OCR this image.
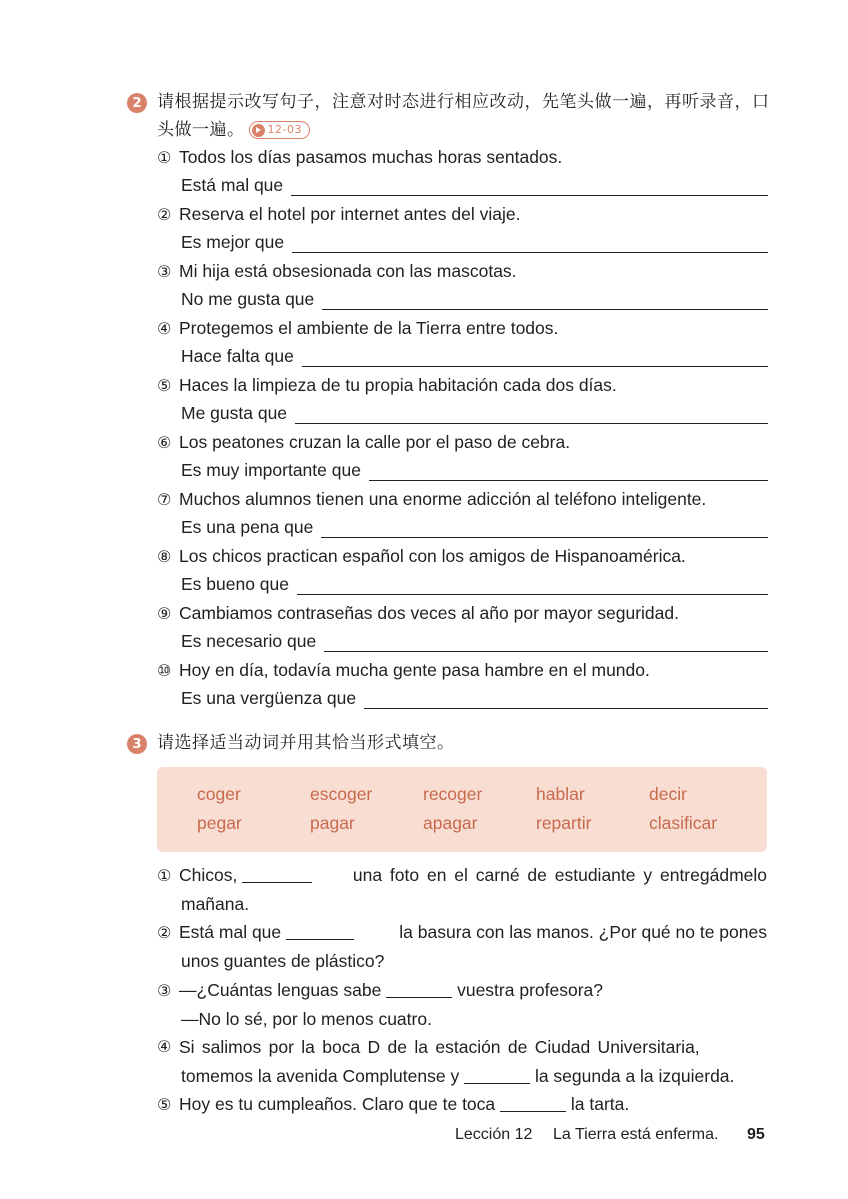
2 请根据提示改写句子，注意对时态进行相应改动，先笔头做一遍，再听录音，口
头做一遍。 12-03
① Todos los días pasamos muchas horas sentados.
Está mal que
② Reserva el hotel por internet antes del viaje.
Es mejor que
③ Mi hija está obsesionada con las mascotas.
No me gusta que
④ Protegemos el ambiente de la Tierra entre todos.
Hace falta que
⑤ Haces la limpieza de tu propia habitación cada dos días.
Me gusta que
⑥ Los peatones cruzan la calle por el paso de cebra.
Es muy importante que
⑦ Muchos alumnos tienen una enorme adicción al teléfono inteligente.
Es una pena que
⑧ Los chicos practican español con los amigos de Hispanoamérica.
Es bueno que
⑨ Cambiamos contraseñas dos veces al año por mayor seguridad.
Es necesario que
⑩ Hoy en día, todavía mucha gente pasa hambre en el mundo.
Es una vergüenza que
3 请选择适当动词并用其恰当形式填空。
coger	escoger	recoger	hablar	decir
pegar	pagar	apagar	repartir	clasificar
① Chicos,	una foto en el carné de estudiante y entregádmelo
mañana.
② Está mal que	la basura con las manos. ¿Por qué no te pones
unos guantes de plástico?
③ —¿Cuántas lenguas sabe	vuestra profesora?
—No lo sé, por lo menos cuatro.
④ Si salimos por la boca D de la estación de Ciudad Universitaria,
tomemos la avenida Complutense y	la segunda a la izquierda.
⑤ Hoy es tu cumpleaños. Claro que te toca	la tarta.
Lección 12 La Tierra está enferma. 95
